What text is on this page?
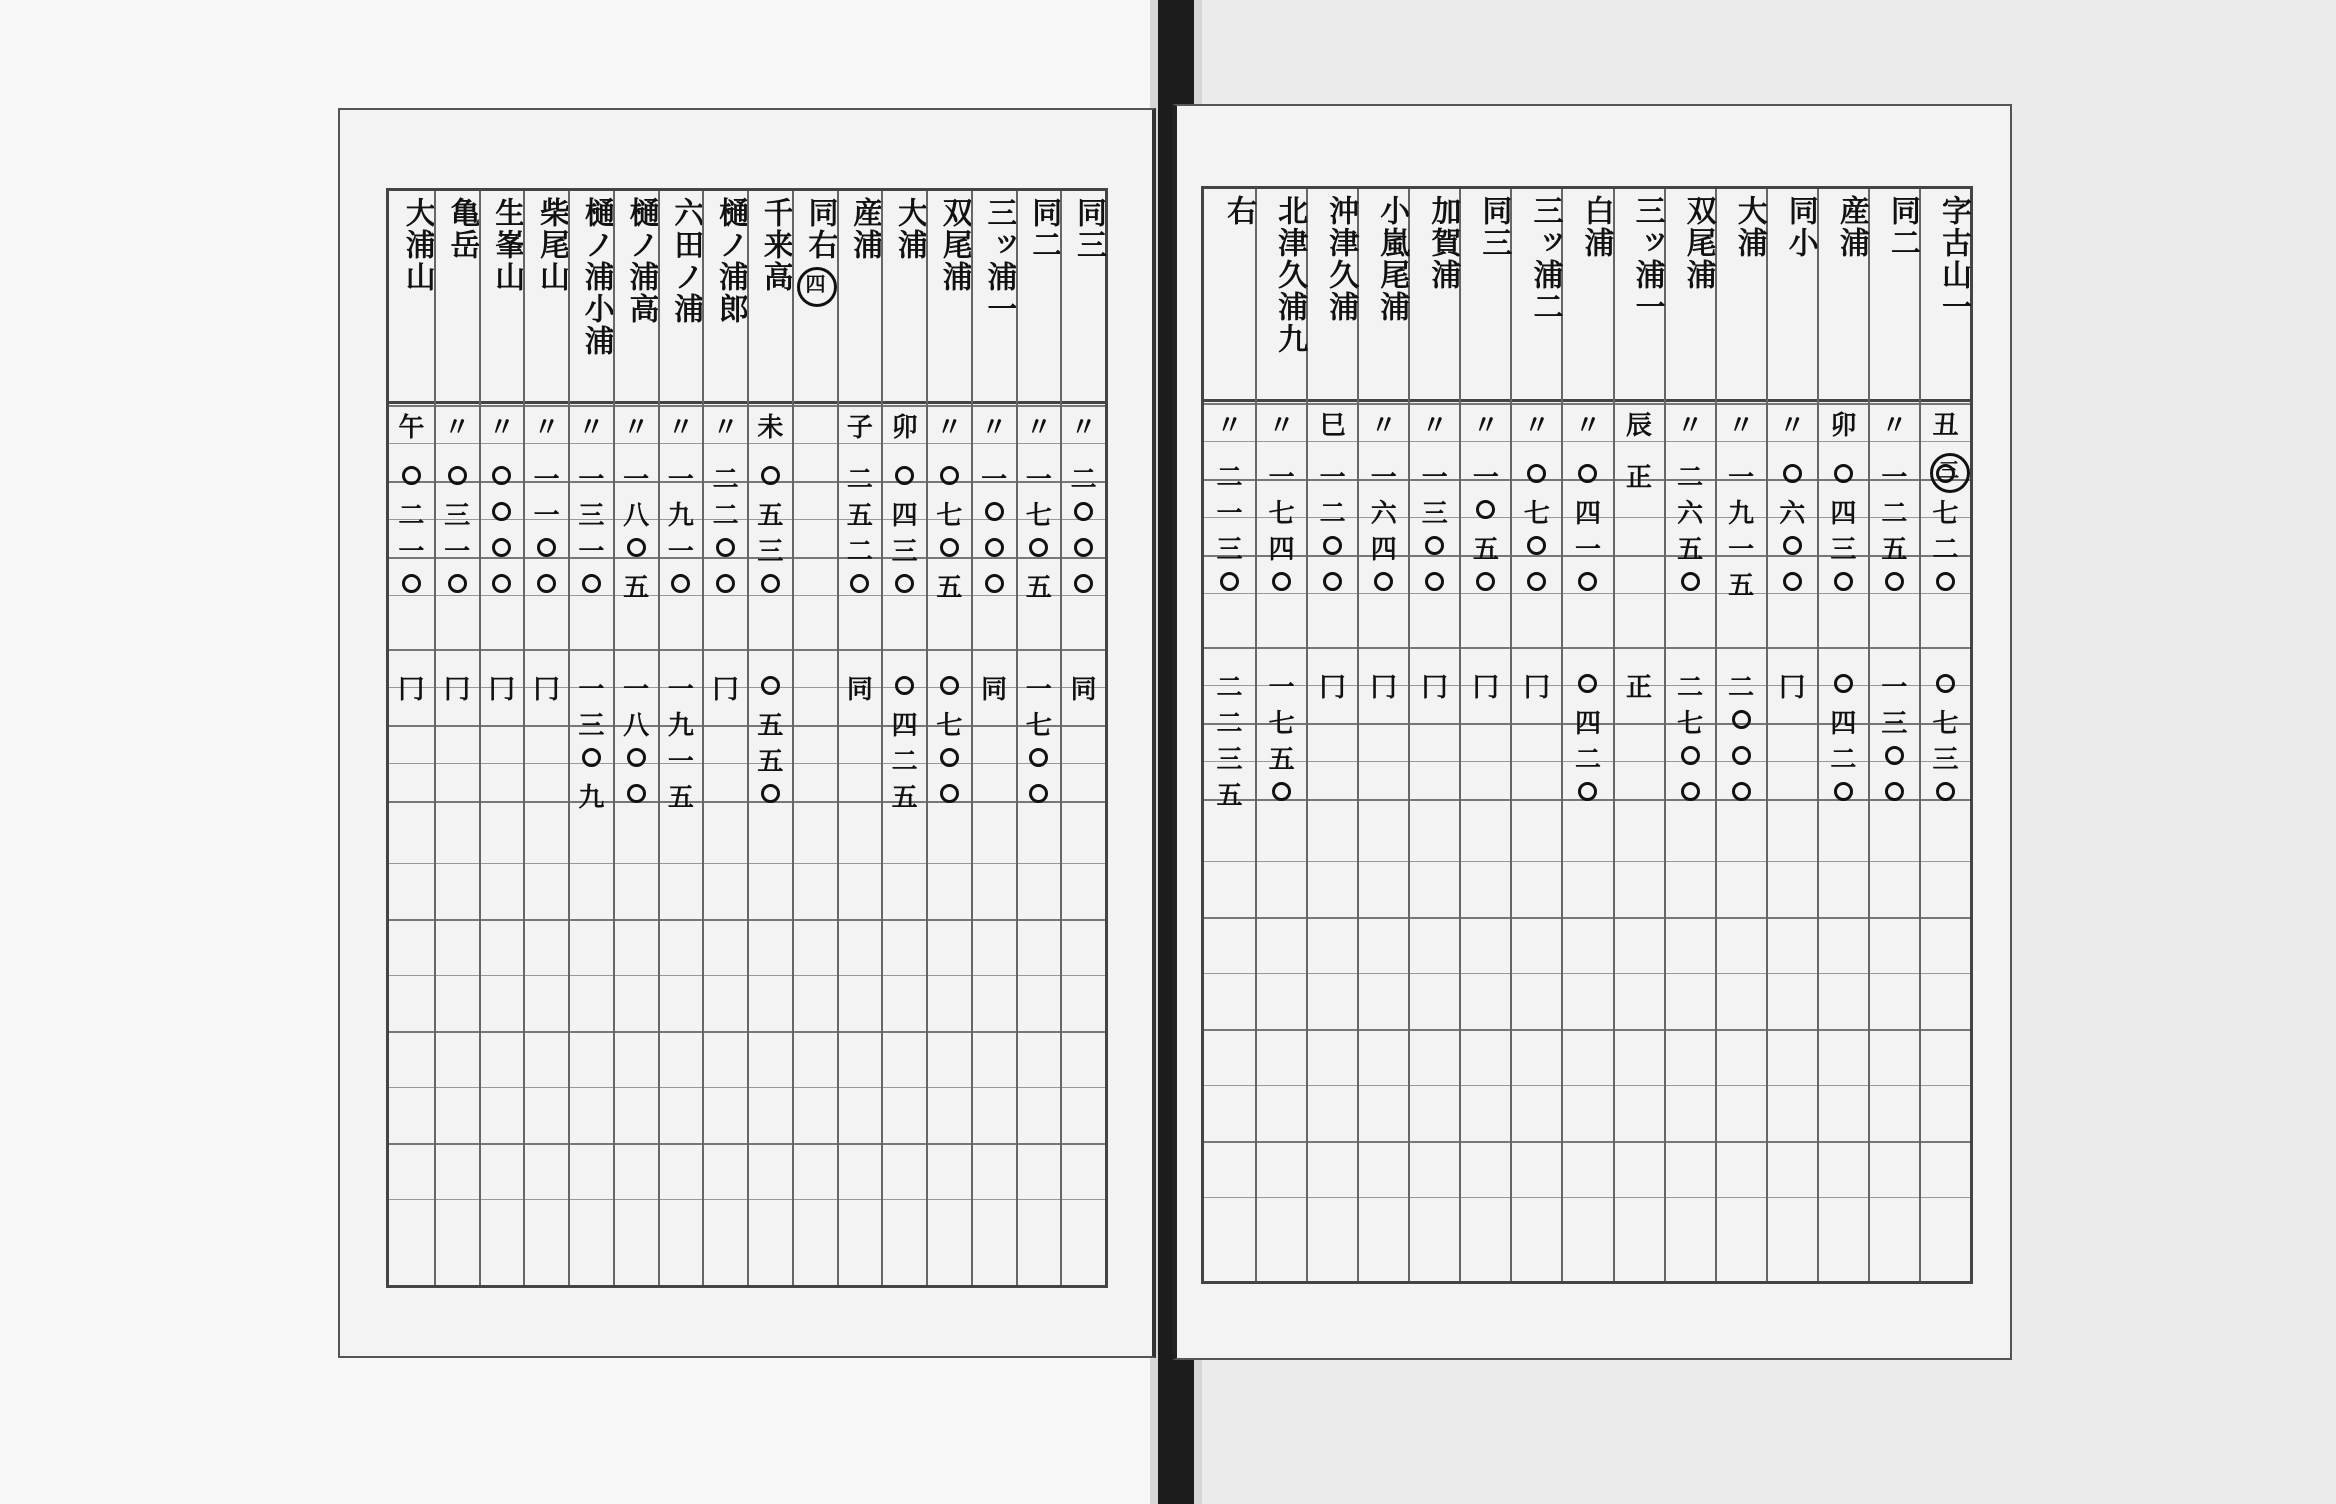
大浦山
午
二
一
冂
亀岳
〃
三
一
冂
生峯山
〃
冂
柴尾山
〃
一
一
冂
樋ノ浦小浦
〃
一
三
一
一
三
九
樋ノ浦高
〃
一
八
五
一
八
六田ノ浦
〃
一
九
一
一
九
一
五
樋ノ浦郎
〃
二
二
冂
千来高
未
五
三
五
五
同右
四
産浦
子
二
五
二
同
大浦
卯
四
三
四
二
五
双尾浦
〃
七
五
七
三ッ浦一
〃
一
同
同二
〃
一
七
五
一
七
同三
〃
二
同
字古山一
三
丑
七
二
七
三
同二
〃
一
二
五
一
三
産浦
卯
四
三
四
二
同小
〃
六
冂
大浦
〃
一
九
一
五
二
双尾浦
〃
二
六
五
二
七
三ッ浦一
辰
正
正
白浦
〃
四
一
四
二
三ッ浦二
〃
七
冂
同三
〃
一
五
冂
加賀浦
〃
一
三
冂
小嵐尾浦
〃
一
六
四
冂
沖津久浦
巳
一
二
冂
北津久浦九
〃
一
七
四
一
七
五
右
〃
二
一
三
二
二
三
五
